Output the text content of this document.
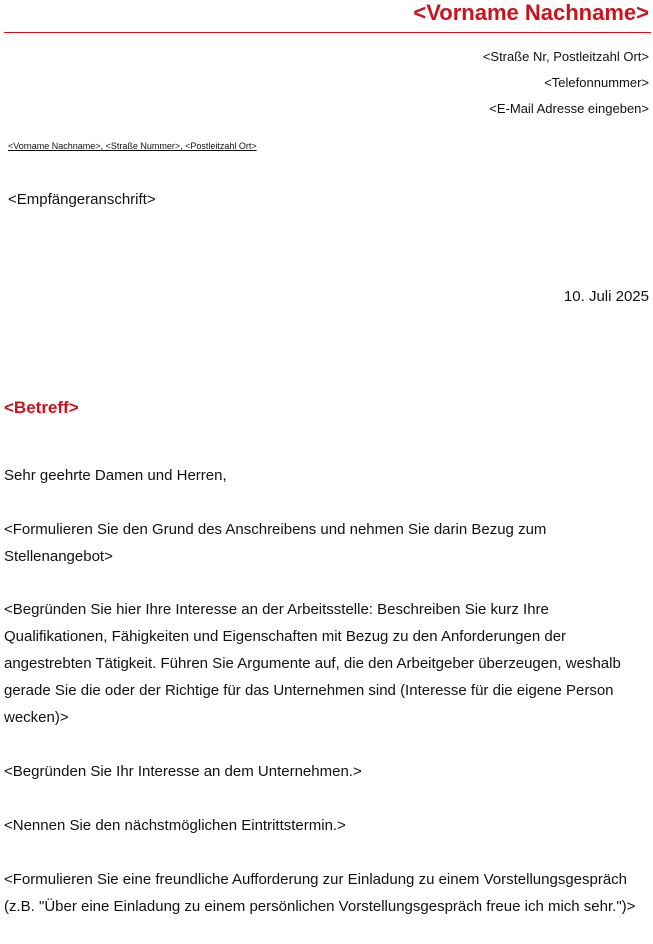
<Vorname Nachname>
<Straße Nr, Postleitzahl Ort>
<Telefonnummer>
<E-Mail Adresse eingeben>
<Vorname Nachname>, <Straße Nummer>, <Postleitzahl Ort>
<Empfängeranschrift>
10. Juli 2025
<Betreff>
Sehr geehrte Damen und Herren,
<Formulieren Sie den Grund des Anschreibens und nehmen Sie darin Bezug zum Stellenangebot>
<Begründen Sie hier Ihre Interesse an der Arbeitsstelle: Beschreiben Sie kurz Ihre Qualifikationen, Fähigkeiten und Eigenschaften mit Bezug zu den Anforderungen der angestrebten Tätigkeit. Führen Sie Argumente auf, die den Arbeitgeber überzeugen, weshalb gerade Sie die oder der Richtige für das Unternehmen sind (Interesse für die eigene Person wecken)>
<Begründen Sie Ihr Interesse an dem Unternehmen.>
<Nennen Sie den nächstmöglichen Eintrittstermin.>
<Formulieren Sie eine freundliche Aufforderung zur Einladung zu einem Vorstellungsgespräch (z.B. "Über eine Einladung zu einem persönlichen Vorstellungsgespräch freue ich mich sehr.")>
